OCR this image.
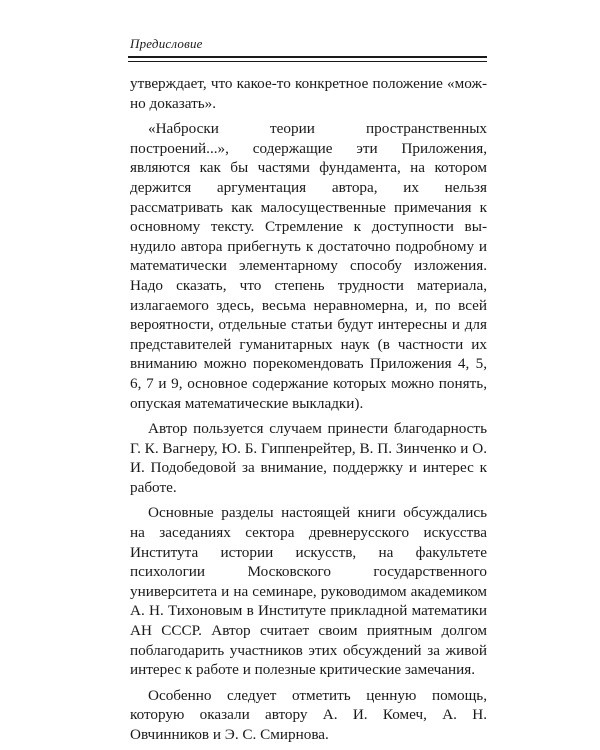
Предисловие

утверждает, что какое-то конкретное положение «можно доказать».

«Наброски теории пространственных построений...», содержащие эти Приложения, являются как бы частями фундамента, на котором держится аргументация автора, их нельзя рассматривать как малосущественные примечания к основному тексту. Стремление к доступности вынудило автора прибегнуть к достаточно подробному и математически элементарному способу изложения. Надо сказать, что степень трудности материала, излагаемого здесь, весьма неравномерна, и, по всей вероятности, отдельные статьи будут интересны и для представителей гуманитарных наук (в частности их вниманию можно порекомендовать Приложения 4, 5, 6, 7 и 9, основное содержание которых можно понять, опуская математические выкладки).

Автор пользуется случаем принести благодарность Г. К. Вагнеру, Ю. Б. Гиппенрейтер, В. П. Зинченко и О. И. Подобедовой за внимание, поддержку и интерес к работе.

Основные разделы настоящей книги обсуждались на заседаниях сектора древнерусского искусства Института истории искусств, на факультете психологии Московского государственного университета и на семинаре, руководимом академиком А. Н. Тихоновым в Институте прикладной математики АН СССР. Автор считает своим приятным долгом поблагодарить участников этих обсуждений за живой интерес к работе и полезные критические замечания.

Особенно следует отметить ценную помощь, которую оказали автору А. И. Комеч, А. Н. Овчинников и Э. С. Смирнова.
